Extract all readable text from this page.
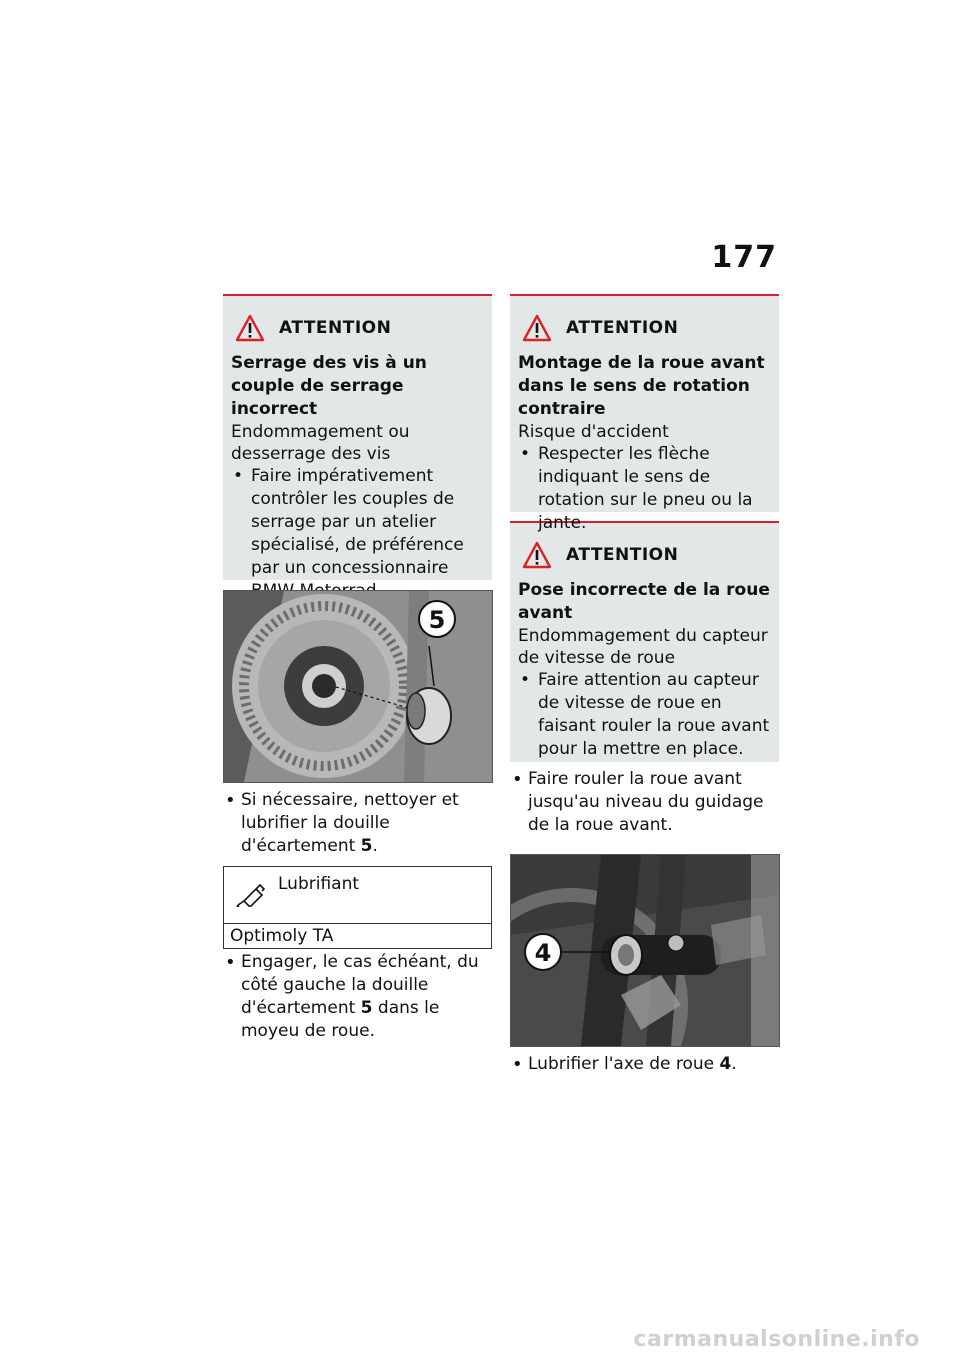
177
ATTENTION
Serrage des vis à un couple de serrage incorrect
Endommagement ou desserrage des vis
• Faire impérativement contrôler les couples de serrage par un atelier spécialisé, de préférence par un concessionnaire
5
• Si nécessaire, nettoyer et lubrifier la douille d'écartement 5.
Lubrifiant
Optimoly TA
• Engager, le cas échéant, du côté gauche la douille d'écartement 5 dans le moyeu de roue.
ATTENTION
Montage de la roue avant dans le sens de rotation contraire
Risque d'accident
• Respecter les flèche indiquant le sens de rotation sur le pneu ou la jante.
ATTENTION
Pose incorrecte de la roue avant
Endommagement du capteur de vitesse de roue
• Faire attention au capteur de vitesse de roue en faisant rouler la roue avant pour la mettre en place.
• Faire rouler la roue avant jusqu'au niveau du guidage de la roue avant.
4
• Lubrifier l'axe de roue 4.
carmanualsonline.info
